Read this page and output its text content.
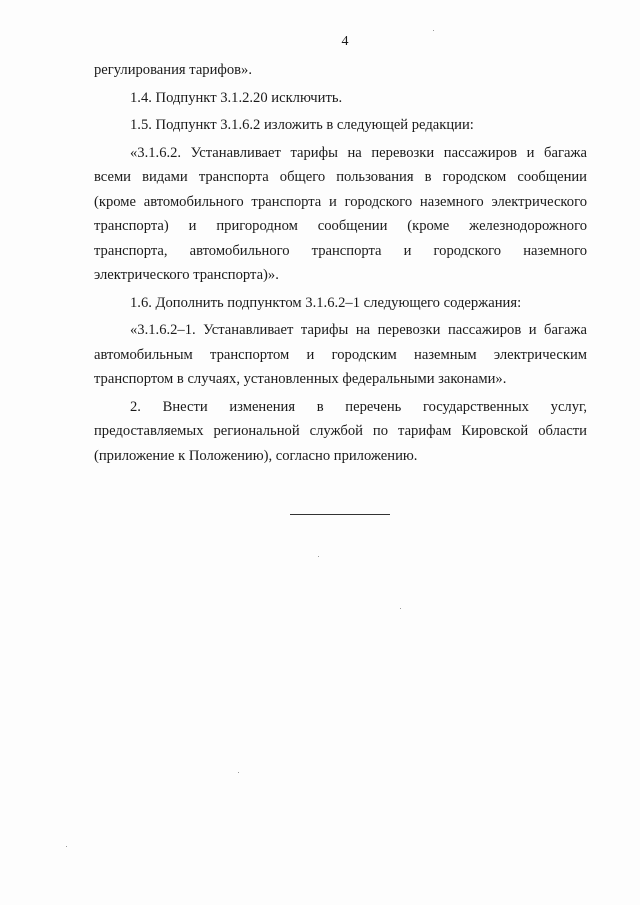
4
регулирования тарифов».
1.4. Подпункт 3.1.2.20 исключить.
1.5. Подпункт 3.1.6.2 изложить в следующей редакции:
«3.1.6.2. Устанавливает тарифы на перевозки пассажиров и багажа
всеми видами транспорта общего пользования в городском сообщении
(кроме автомобильного транспорта и городского наземного электрического
транспорта) и пригородном сообщении (кроме железнодорожного
транспорта, автомобильного транспорта и городского наземного
электрического транспорта)».
1.6. Дополнить подпунктом 3.1.6.2–1 следующего содержания:
«3.1.6.2–1. Устанавливает тарифы на перевозки пассажиров и багажа
автомобильным транспортом и городским наземным электрическим
транспортом в случаях, установленных федеральными законами».
2. Внести изменения в перечень государственных услуг,
предоставляемых региональной службой по тарифам Кировской области
(приложение к Положению), согласно приложению.
